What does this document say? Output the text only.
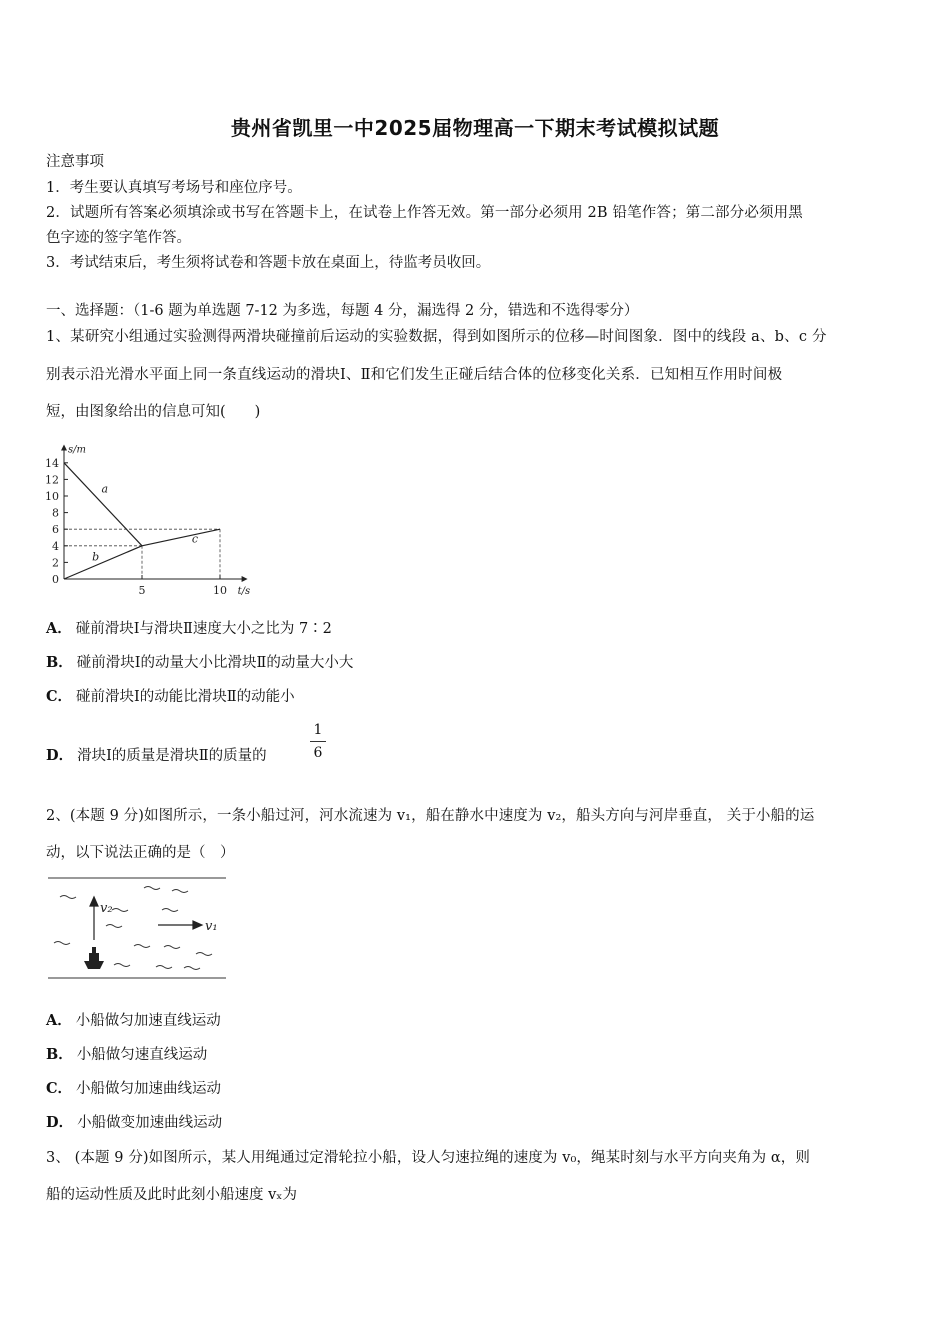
贵州省凯里一中2025届物理高一下期末考试模拟试题
注意事项
1．考生要认真填写考场号和座位序号。
2．试题所有答案必须填涂或书写在答题卡上，在试卷上作答无效。第一部分必须用 2B 铅笔作答；第二部分必须用黑
色字迹的签字笔作答。
3．考试结束后，考生须将试卷和答题卡放在桌面上，待监考员收回。
一、选择题：（1-6 题为单选题 7-12 为多选，每题 4 分，漏选得 2 分，错选和不选得零分）
1、某研究小组通过实验测得两滑块碰撞前后运动的实验数据，得到如图所示的位移—时间图象．图中的线段 a、b、c 分
别表示沿光滑水平面上同一条直线运动的滑块Ⅰ、Ⅱ和它们发生正碰后结合体的位移变化关系．已知相互作用时间极
短，由图象给出的信息可知(　　)
0
2
4
6
8
10
12
14
5	10
s/m
t/s
a
b
c
A． 碰前滑块Ⅰ与滑块Ⅱ速度大小之比为 7∶2
B． 碰前滑块Ⅰ的动量大小比滑块Ⅱ的动量大小大
C． 碰前滑块Ⅰ的动能比滑块Ⅱ的动能小
D． 滑块Ⅰ的质量是滑块Ⅱ的质量的
1
6
2、(本题 9 分)如图所示，一条小船过河，河水流速为 v₁，船在静水中速度为 v₂，船头方向与河岸垂直， 关于小船的运
动，以下说法正确的是（　）
v₂
v₁
A． 小船做匀加速直线运动
B． 小船做匀速直线运动
C． 小船做匀加速曲线运动
D． 小船做变加速曲线运动
3、 (本题 9 分)如图所示，某人用绳通过定滑轮拉小船，设人匀速拉绳的速度为 v₀，绳某时刻与水平方向夹角为 α，则
船的运动性质及此时此刻小船速度 vₓ为
